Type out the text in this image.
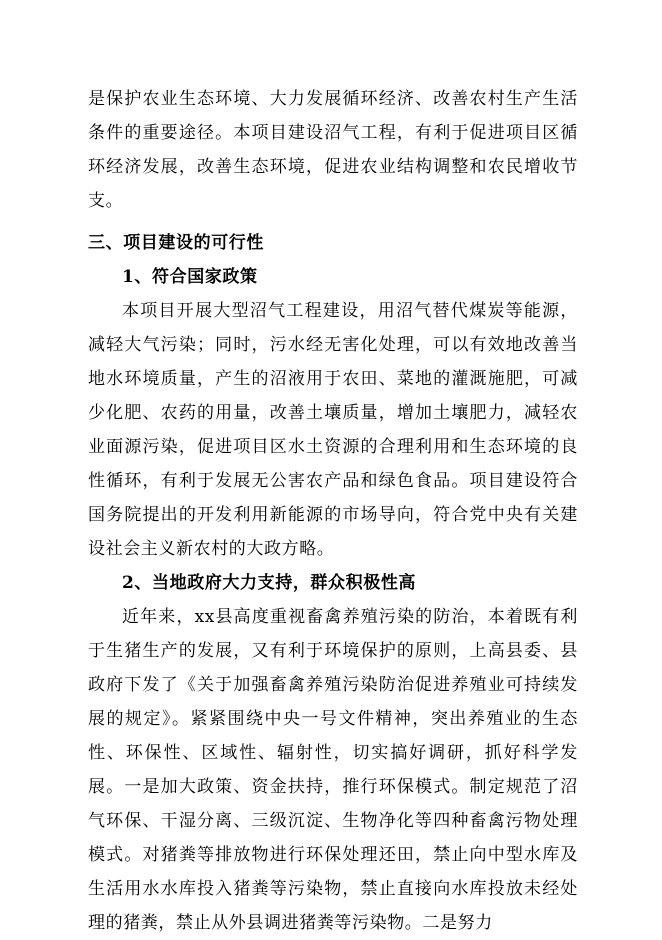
是保护农业生态环境、大力发展循环经济、改善农村生产生活条件的重要途径。本项目建设沼气工程，有利于促进项目区循环经济发展，改善生态环境，促进农业结构调整和农民增收节支。

三、项目建设的可行性

1、符合国家政策

本项目开展大型沼气工程建设，用沼气替代煤炭等能源，减轻大气污染；同时，污水经无害化处理，可以有效地改善当地水环境质量，产生的沼液用于农田、菜地的灌溉施肥，可减少化肥、农药的用量，改善土壤质量，增加土壤肥力，减轻农业面源污染，促进项目区水土资源的合理利用和生态环境的良性循环，有利于发展无公害农产品和绿色食品。项目建设符合国务院提出的开发利用新能源的市场导向，符合党中央有关建设社会主义新农村的大政方略。

2、当地政府大力支持，群众积极性高

近年来，xx县高度重视畜禽养殖污染的防治，本着既有利于生猪生产的发展，又有利于环境保护的原则，上高县委、县政府下发了《关于加强畜禽养殖污染防治促进养殖业可持续发展的规定》。紧紧围绕中央一号文件精神，突出养殖业的生态性、环保性、区域性、辐射性，切实搞好调研，抓好科学发展。一是加大政策、资金扶持，推行环保模式。制定规范了沼气环保、干湿分离、三级沉淀、生物净化等四种畜禽污物处理模式。对猪粪等排放物进行环保处理还田，禁止向中型水库及生活用水水库投入猪粪等污染物，禁止直接向水库投放未经处理的猪粪，禁止从外县调进猪粪等污染物。二是努力
